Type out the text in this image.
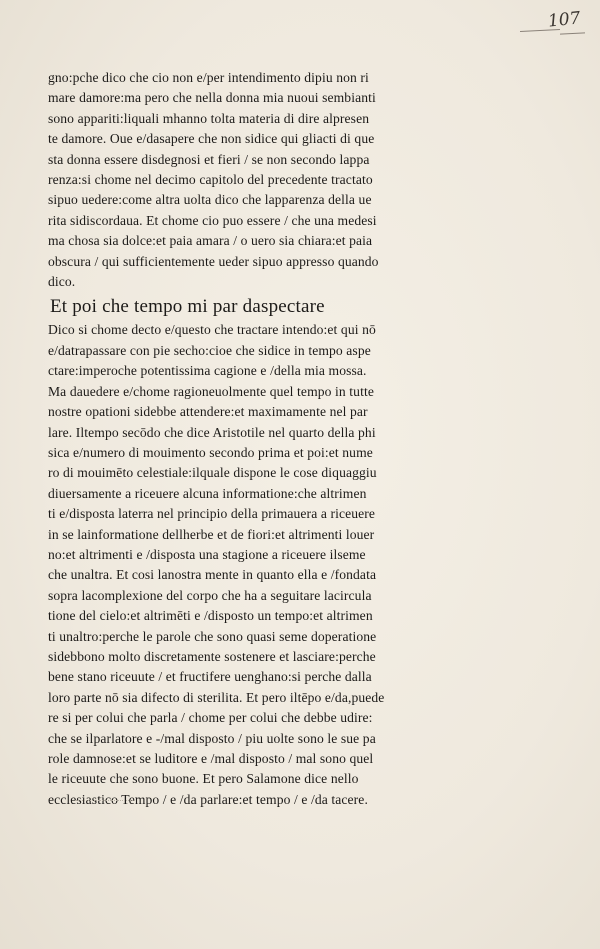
107
gno:pche dico che cio non e/per intendimento dipiu non ri
mare damore:ma pero che nella donna mia nuoui sembianti
sono appariti:liquali mhanno tolta materia di dire alpresen
te damore. Oue e/dasapere che non sidice qui gliacti di que
sta donna essere disdegnosi et fieri / se non secondo lappa
renza:si chome nel decimo capitolo del precedente tractato
sipuo uedere:come altra uolta dico che lapparenza della ue
rita sidiscordaua. Et chome cio puo essere / che una medesi
ma chosa sia dolce:et paia amara / o uero sia chiara:et paia
obscura / qui sufficientemente ueder sipuo appresso quando
dico.
Et poi che tempo mi par daspectare
Dico si chome decto e/questo che tractare intendo:et qui nō
e/datrapassare con pie secho:cioe che sidice in tempo aspe
ctare:imperoche potentissima cagione e /della mia mossa.
Ma dauedere e/chome ragioneuolmente quel tempo in tutte
nostre opationi sidebbe attendere:et maximamente nel par
lare. Iltempo secōdo che dice Aristotile nel quarto della phi
sica e/numero di mouimento secondo prima et poi:et nume
ro di mouimēto celestiale:ilquale dispone le cose diquaggiu
diuersamente a riceuere alcuna informatione:che altrimen
ti e/disposta laterra nel principio della primauera a riceuere
in se lainformatione dellherbe et de fiori:et altrimenti louer
no:et altrimenti e /disposta una stagione a riceuere ilseme
che unaltra. Et cosi lanostra mente in quanto ella e /fondata
sopra lacomplexione del corpo che ha a seguitare lacircula
tione del cielo:et altrimēti e /disposto un tempo:et altrimen
ti unaltro:perche le parole che sono quasi seme doperatione
sidebbono molto discretamente sostenere et lasciare:perche
bene stano riceuute / et fructifere uenghano:si perche dalla
loro parte nō sia difecto di sterilita. Et pero iltēpo e/da,puede
re si per colui che parla / chome per colui che debbe udire:
che se ilparlatore e -/mal disposto / piu uolte sono le sue pa
role damnose:et se luditore e /mal disposto / mal sono quel
le riceuute che sono buone. Et pero Salamone dice nello
ecclesiastico Tempo / e /da parlare:et tempo / e /da tacere.
